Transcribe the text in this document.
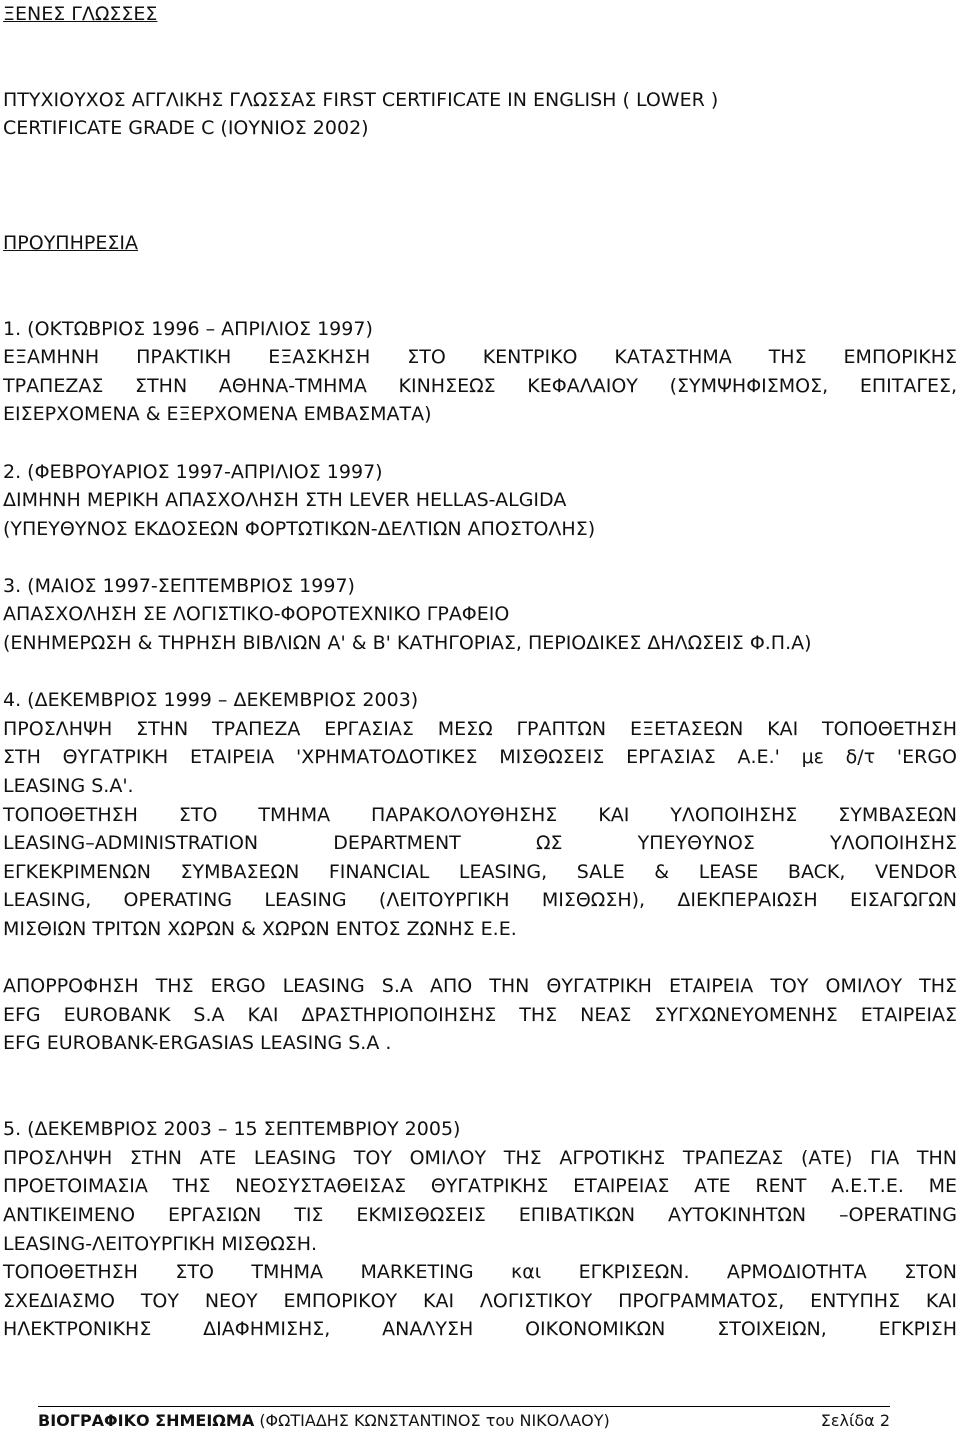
ΞΕΝΕΣ ΓΛΩΣΣΕΣ
ΠΤΥΧΙΟΥΧΟΣ ΑΓΓΛΙΚΗΣ ΓΛΩΣΣΑΣ FIRST CERTIFICATE IN ENGLISH ( LOWER )
CERTIFICATE GRADE C (ΙΟΥΝΙΟΣ 2002)
ΠΡΟΥΠΗΡΕΣΙΑ
1. (ΟΚΤΩΒΡΙΟΣ 1996 – ΑΠΡΙΛΙΟΣ 1997)
ΕΞΑΜΗΝΗ ΠΡΑΚΤΙΚΗ ΕΞΑΣΚΗΣΗ ΣΤΟ ΚΕΝΤΡΙΚΟ ΚΑΤΑΣΤΗΜΑ ΤΗΣ ΕΜΠΟΡΙΚΗΣ
ΤΡΑΠΕΖΑΣ ΣΤΗΝ ΑΘΗΝΑ-ΤΜΗΜΑ ΚΙΝΗΣΕΩΣ ΚΕΦΑΛΑΙΟΥ (ΣΥΜΨΗΦΙΣΜΟΣ, ΕΠΙΤΑΓΕΣ,
ΕΙΣΕΡΧΟΜΕΝΑ & ΕΞΕΡΧΟΜΕΝΑ ΕΜΒΑΣΜΑΤΑ)
2. (ΦΕΒΡΟΥΑΡΙΟΣ 1997-ΑΠΡΙΛΙΟΣ 1997)
ΔΙΜΗΝΗ ΜΕΡΙΚΗ ΑΠΑΣΧΟΛΗΣΗ ΣΤΗ LEVER HELLAS-ALGIDA
(ΥΠΕΥΘΥΝΟΣ ΕΚΔΟΣΕΩΝ ΦΟΡΤΩΤΙΚΩΝ-ΔΕΛΤΙΩΝ ΑΠΟΣΤΟΛΗΣ)
3. (ΜΑΙΟΣ 1997-ΣΕΠΤΕΜΒΡΙΟΣ 1997)
ΑΠΑΣΧΟΛΗΣΗ ΣΕ ΛΟΓΙΣΤΙΚΟ-ΦΟΡΟΤΕΧΝΙΚΟ ΓΡΑΦΕΙΟ
(ΕΝΗΜΕΡΩΣΗ & ΤΗΡΗΣΗ ΒΙΒΛΙΩΝ Α' & Β' ΚΑΤΗΓΟΡΙΑΣ, ΠΕΡΙΟΔΙΚΕΣ ΔΗΛΩΣΕΙΣ Φ.Π.Α)
4. (ΔΕΚΕΜΒΡΙΟΣ 1999 – ΔΕΚΕΜΒΡΙΟΣ 2003)
ΠΡΟΣΛΗΨΗ ΣΤΗΝ ΤΡΑΠΕΖΑ ΕΡΓΑΣΙΑΣ ΜΕΣΩ ΓΡΑΠΤΩΝ ΕΞΕΤΑΣΕΩΝ ΚΑΙ ΤΟΠΟΘΕΤΗΣΗ
ΣΤΗ ΘΥΓΑΤΡΙΚΗ ΕΤΑΙΡΕΙΑ 'ΧΡΗΜΑΤΟΔΟΤΙΚΕΣ ΜΙΣΘΩΣΕΙΣ ΕΡΓΑΣΙΑΣ Α.Ε.' με δ/τ 'ERGO
LEASING S.A'.
ΤΟΠΟΘΕΤΗΣΗ ΣΤΟ ΤΜΗΜΑ ΠΑΡΑΚΟΛΟΥΘΗΣΗΣ ΚΑΙ ΥΛΟΠΟΙΗΣΗΣ ΣΥΜΒΑΣΕΩΝ
LEASING–ADMINISTRATION DEPARTMENT ΩΣ ΥΠΕΥΘΥΝΟΣ ΥΛΟΠΟΙΗΣΗΣ
ΕΓΚΕΚΡΙΜΕΝΩΝ ΣΥΜΒΑΣΕΩΝ FINANCIAL LEASING, SALE & LEASE BACK, VENDOR
LEASING, OPERATING LEASING (ΛΕΙΤΟΥΡΓΙΚΗ ΜΙΣΘΩΣΗ), ΔΙΕΚΠΕΡΑΙΩΣΗ ΕΙΣΑΓΩΓΩΝ
ΜΙΣΘΙΩΝ ΤΡΙΤΩΝ ΧΩΡΩΝ & ΧΩΡΩΝ ΕΝΤΟΣ ΖΩΝΗΣ Ε.Ε.
ΑΠΟΡΡΟΦΗΣΗ ΤΗΣ ERGO LEASING S.A ΑΠΟ ΤΗΝ ΘΥΓΑΤΡΙΚΗ ΕΤΑΙΡΕΙΑ ΤΟΥ ΟΜΙΛΟΥ ΤΗΣ
EFG EUROBANK S.A ΚΑΙ ΔΡΑΣΤΗΡΙΟΠΟΙΗΣΗΣ ΤΗΣ ΝΕΑΣ ΣΥΓΧΩΝΕΥΟΜΕΝΗΣ ΕΤΑΙΡΕΙΑΣ
EFG EUROBANK-ERGASIAS LEASING S.A .
5. (ΔΕΚΕΜΒΡΙΟΣ 2003 – 15 ΣΕΠΤΕΜΒΡΙΟΥ 2005)
ΠΡΟΣΛΗΨΗ ΣΤΗΝ ΑΤΕ LEASING ΤΟΥ ΟΜΙΛΟΥ ΤΗΣ ΑΓΡΟΤΙΚΗΣ ΤΡΑΠΕΖΑΣ (ΑΤΕ) ΓΙΑ ΤΗΝ
ΠΡΟΕΤΟΙΜΑΣΙΑ ΤΗΣ ΝΕΟΣΥΣΤΑΘΕΙΣΑΣ ΘΥΓΑΤΡΙΚΗΣ ΕΤΑΙΡΕΙΑΣ ΑΤΕ RENT Α.Ε.Τ.Ε. ΜΕ
ΑΝΤΙΚΕΙΜΕΝΟ ΕΡΓΑΣΙΩΝ ΤΙΣ ΕΚΜΙΣΘΩΣΕΙΣ ΕΠΙΒΑΤΙΚΩΝ ΑΥΤΟΚΙΝΗΤΩΝ –OPERATING
LEASING-ΛΕΙΤΟΥΡΓΙΚΗ ΜΙΣΘΩΣΗ.
ΤΟΠΟΘΕΤΗΣΗ ΣΤΟ ΤΜΗΜΑ MARKETING και ΕΓΚΡΙΣΕΩΝ. ΑΡΜΟΔΙΟΤΗΤΑ ΣΤΟΝ
ΣΧΕΔΙΑΣΜΟ ΤΟΥ ΝΕΟΥ ΕΜΠΟΡΙΚΟΥ ΚΑΙ ΛΟΓΙΣΤΙΚΟΥ ΠΡΟΓΡΑΜΜΑΤΟΣ, ΕΝΤΥΠΗΣ ΚΑΙ
ΗΛΕΚΤΡΟΝΙΚΗΣ ΔΙΑΦΗΜΙΣΗΣ, ΑΝΑΛΥΣΗ ΟΙΚΟΝΟΜΙΚΩΝ ΣΤΟΙΧΕΙΩΝ, ΕΓΚΡΙΣΗ
ΒΙΟΓΡΑΦΙΚΟ ΣΗΜΕΙΩΜΑ (ΦΩΤΙΑΔΗΣ ΚΩΝΣΤΑΝΤΙΝΟΣ του ΝΙΚΟΛΑΟΥ)	Σελίδα 2
